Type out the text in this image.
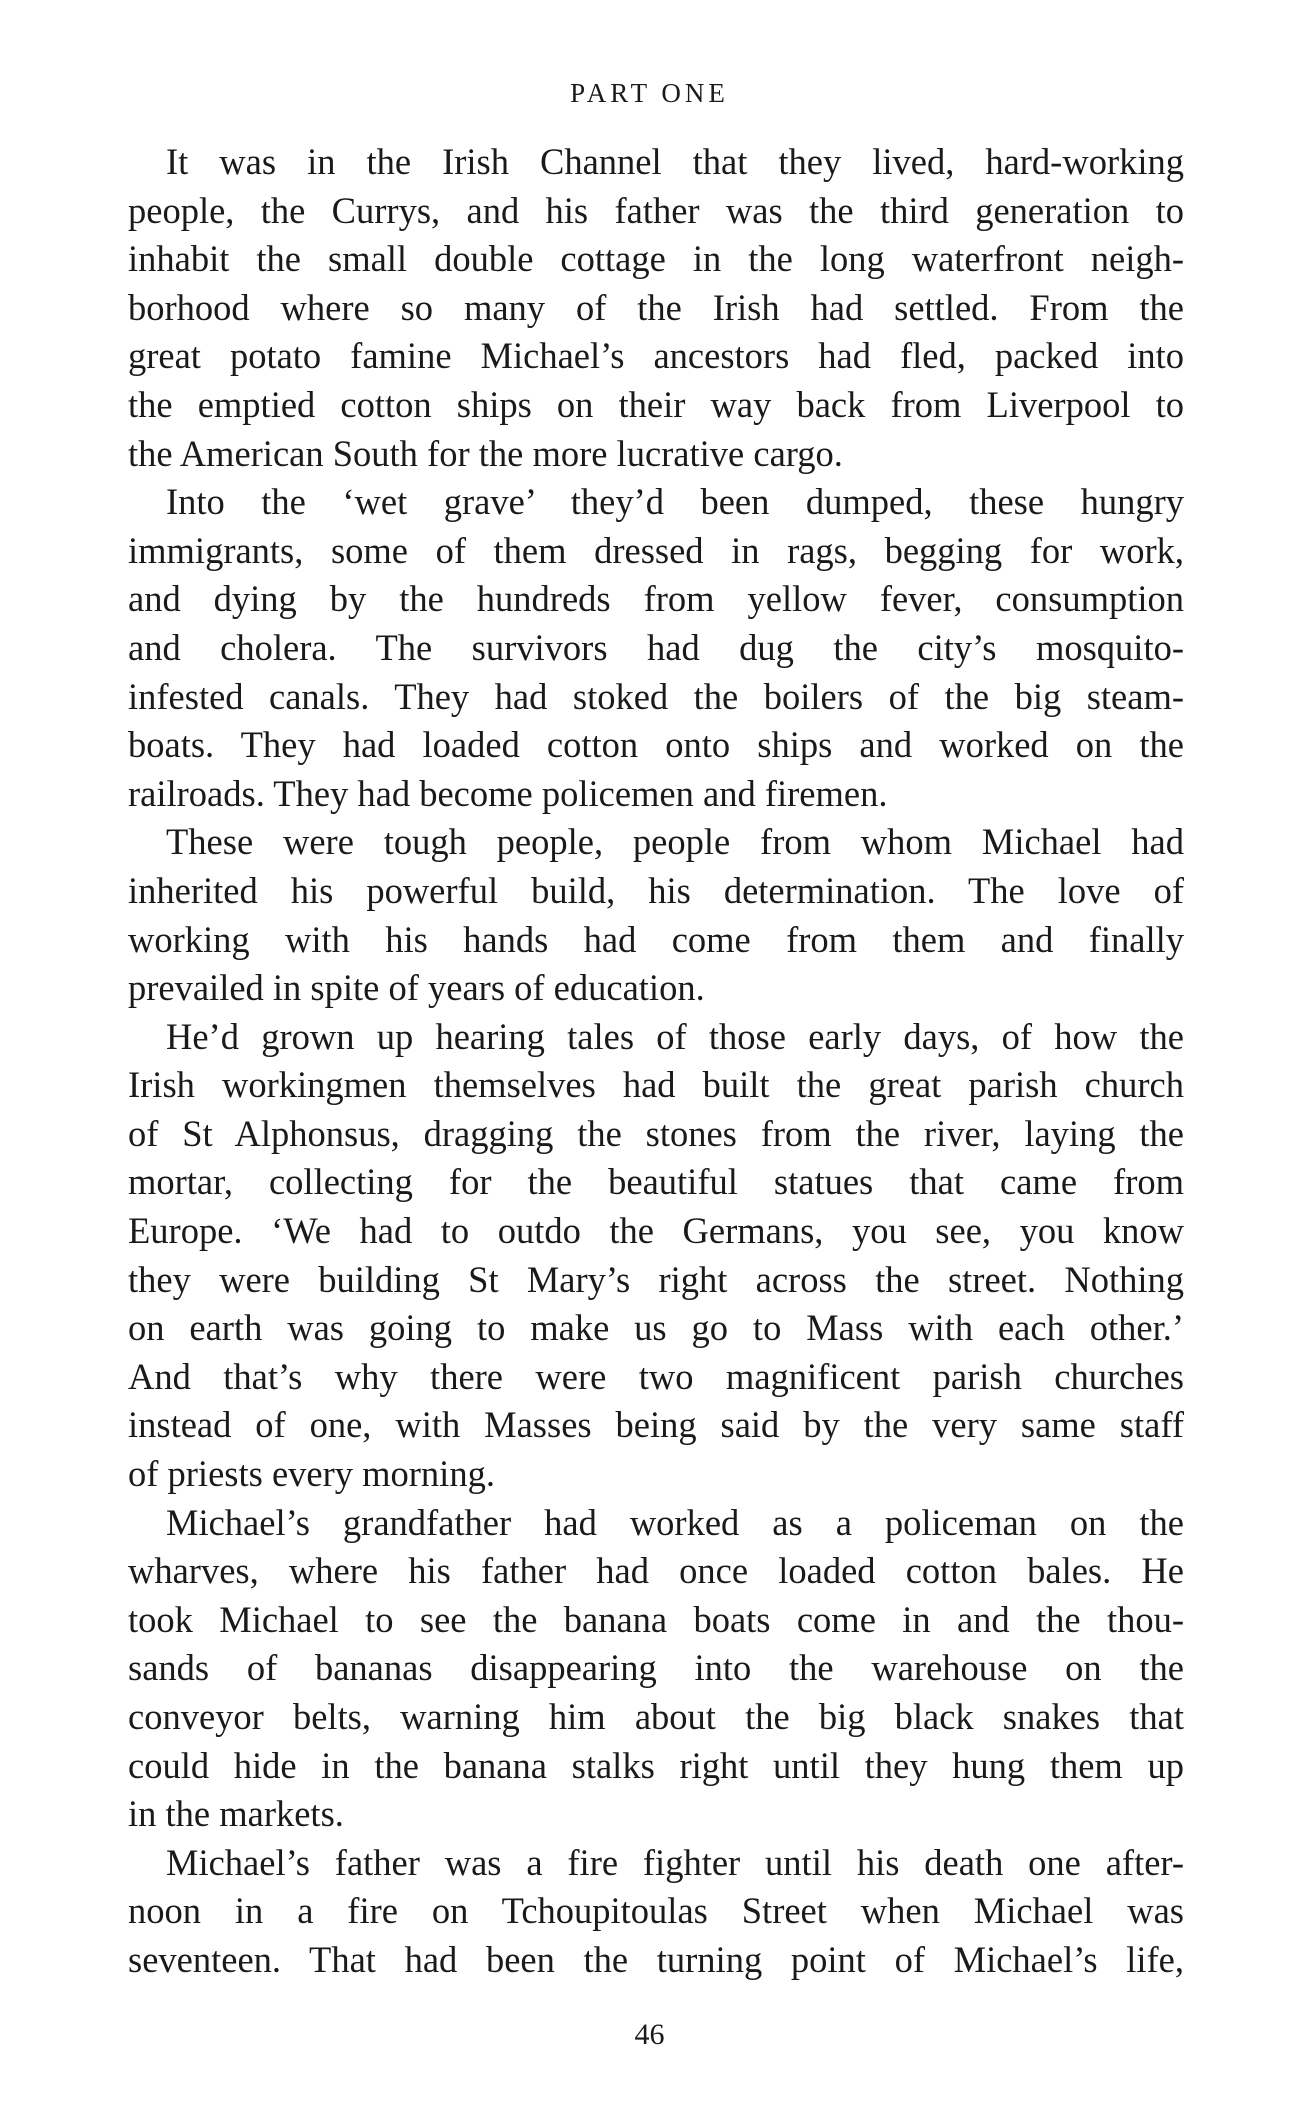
PART ONE
It was in the Irish Channel that they lived, hard-working
people, the Currys, and his father was the third generation to
inhabit the small double cottage in the long waterfront neigh-
borhood where so many of the Irish had settled. From the
great potato famine Michael’s ancestors had fled, packed into
the emptied cotton ships on their way back from Liverpool to
the American South for the more lucrative cargo.
Into the ‘wet grave’ they’d been dumped, these hungry
immigrants, some of them dressed in rags, begging for work,
and dying by the hundreds from yellow fever, consumption
and cholera. The survivors had dug the city’s mosquito-
infested canals. They had stoked the boilers of the big steam-
boats. They had loaded cotton onto ships and worked on the
railroads. They had become policemen and firemen.
These were tough people, people from whom Michael had
inherited his powerful build, his determination. The love of
working with his hands had come from them and finally
prevailed in spite of years of education.
He’d grown up hearing tales of those early days, of how the
Irish workingmen themselves had built the great parish church
of St Alphonsus, dragging the stones from the river, laying the
mortar, collecting for the beautiful statues that came from
Europe. ‘We had to outdo the Germans, you see, you know
they were building St Mary’s right across the street. Nothing
on earth was going to make us go to Mass with each other.’
And that’s why there were two magnificent parish churches
instead of one, with Masses being said by the very same staff
of priests every morning.
Michael’s grandfather had worked as a policeman on the
wharves, where his father had once loaded cotton bales. He
took Michael to see the banana boats come in and the thou-
sands of bananas disappearing into the warehouse on the
conveyor belts, warning him about the big black snakes that
could hide in the banana stalks right until they hung them up
in the markets.
Michael’s father was a fire fighter until his death one after-
noon in a fire on Tchoupitoulas Street when Michael was
seventeen. That had been the turning point of Michael’s life,
46
